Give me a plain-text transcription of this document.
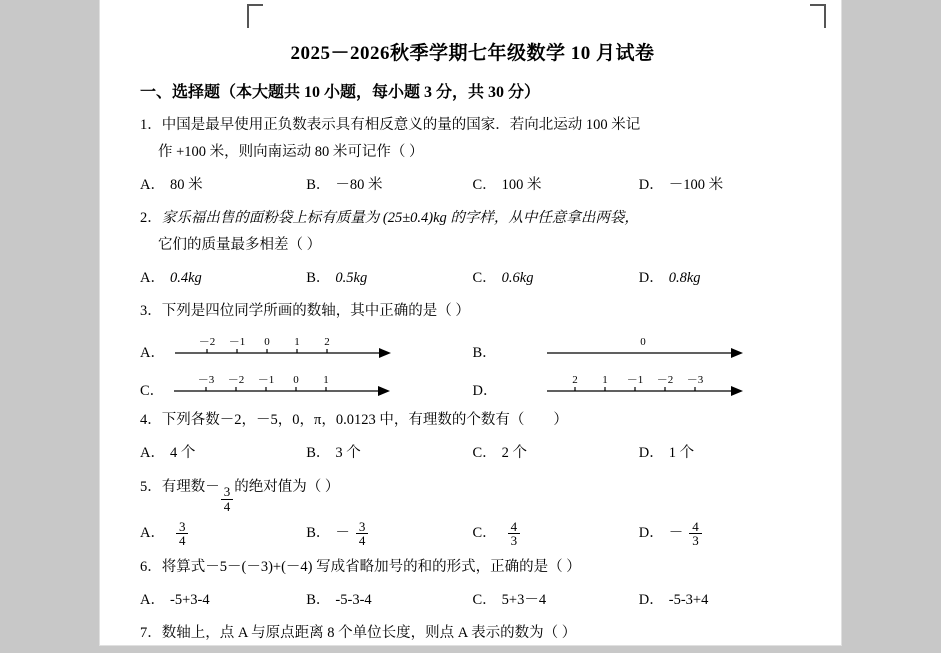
2025－2026秋季学期七年级数学 10 月试卷
一、选择题（本大题共 10 小题，每小题 3 分，共 30 分）
1．中国是最早使用正负数表示具有相反意义的量的国家．若向北运动 100 米记
作 +100 米，则向南运动 80 米可记作（ ）
A． 80 米	B． －80 米	C． 100 米	D． －100 米
2．家乐福出售的面粉袋上标有质量为 (25±0.4)kg 的字样，从中任意拿出两袋，
它们的质量最多相差（ ）
A． 0.4kg	B． 0.5kg	C． 0.6kg	D． 0.8kg
3．下列是四位同学所画的数轴，其中正确的是（ ）
A．
－2 －1 0 1 2
B．
0
C．
－3 －2 －1 0 1
D．
2 1 －1 －2 －3
4．下列各数－2，－5，0，π，0.0123 中，有理数的个数有（　　）
A． 4 个	B． 3 个	C． 2 个	D． 1 个
5．有理数－ $\frac{3}{4}$ 的绝对值为（ ）
A． $\frac{3}{4}$	B． － $\frac{3}{4}$	C． $\frac{4}{3}$	D． － $\frac{4}{3}$
6．将算式－5－(－3)+(－4) 写成省略加号的和的形式，正确的是（ ）
A． -5+3-4	B． -5-3-4	C． 5+3－4	D． -5-3+4
7．数轴上，点 A 与原点距离 8 个单位长度，则点 A 表示的数为（ ）
